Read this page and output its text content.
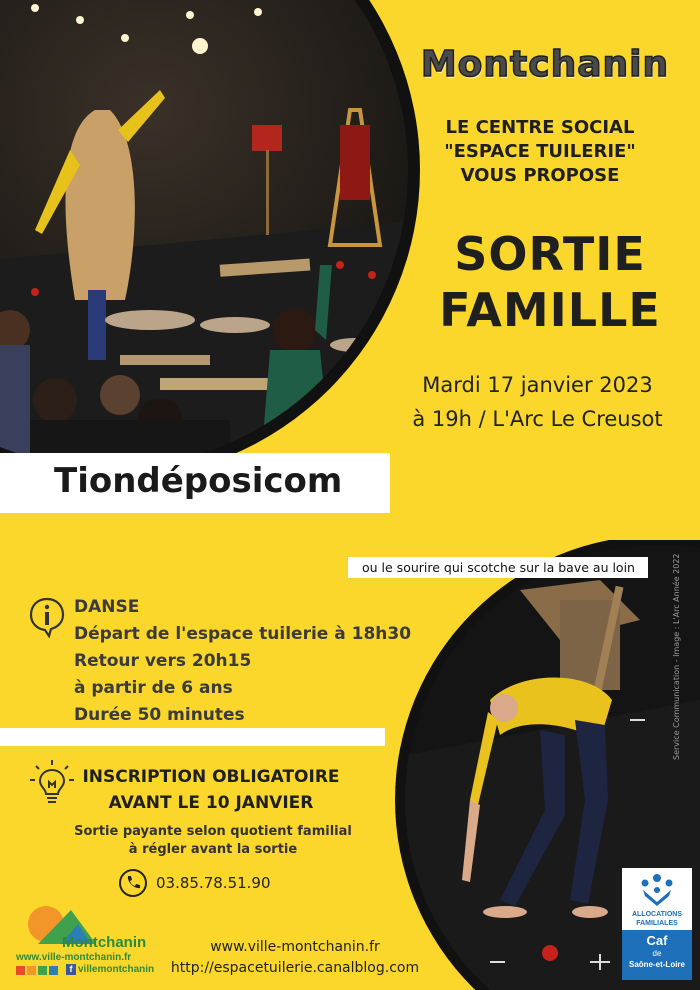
Montchanin
LE CENTRE SOCIAL
"ESPACE TUILERIE"
VOUS PROPOSE
SORTIE
FAMILLE
Mardi 17 janvier 2023
à 19h / L'Arc Le Creusot
Tiondéposicom
ou le sourire qui scotche sur la bave au loin
DANSE
Départ de l'espace tuilerie à 18h30
Retour vers 20h15
à partir de 6 ans
Durée 50 minutes
INSCRIPTION OBLIGATOIRE
AVANT LE 10 JANVIER
Sortie payante selon quotient familial
à régler avant la sortie
03.85.78.51.90
www.ville-montchanin.fr
http://espacetuilerie.canalblog.com
Montchanin
www.ville-montchanin.fr
f villemontchanin
ALLOCATIONS
FAMILIALES
Caf
de
Saône-et-Loire
Service Communication - Image : L'Arc Année 2022
